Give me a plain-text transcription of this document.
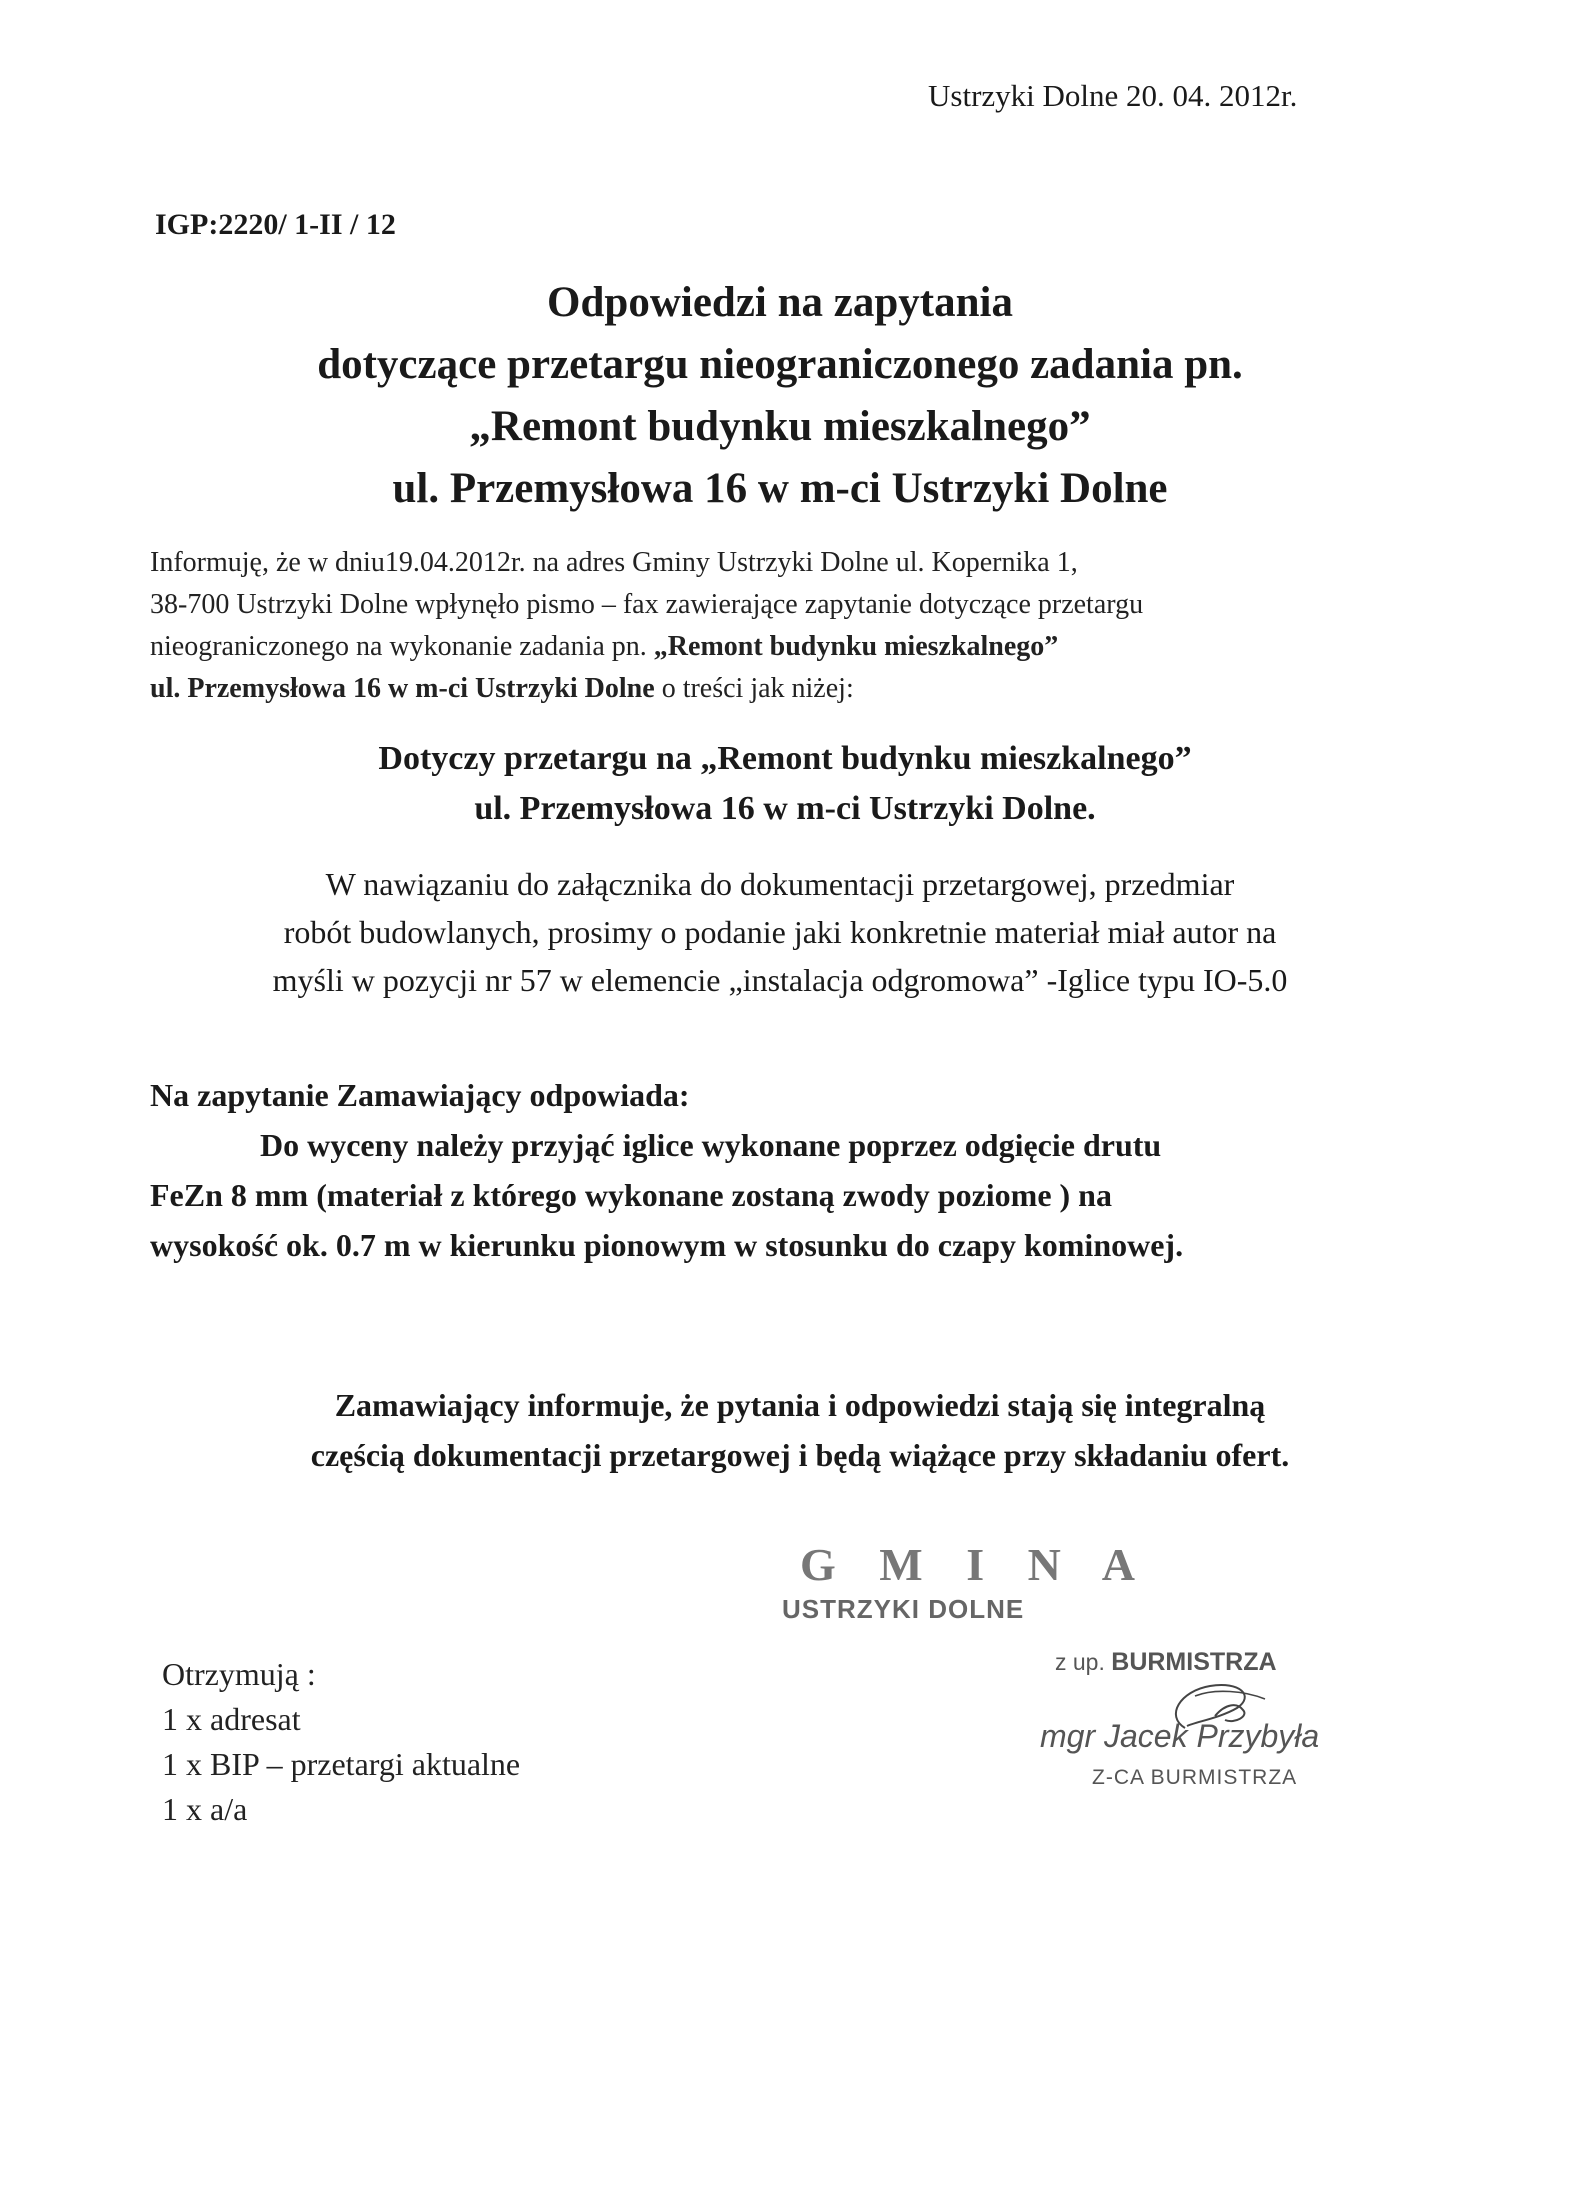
Ustrzyki Dolne 20. 04. 2012r.
IGP:2220/ 1-II / 12
Odpowiedzi na zapytania
dotyczące przetargu nieograniczonego zadania pn.
„Remont budynku mieszkalnego”
ul. Przemysłowa 16 w m-ci Ustrzyki Dolne
Informuję, że w dniu19.04.2012r. na adres Gminy Ustrzyki Dolne ul. Kopernika 1,
38-700 Ustrzyki Dolne wpłynęło pismo – fax zawierające zapytanie dotyczące przetargu
nieograniczonego na wykonanie zadania pn. „Remont budynku mieszkalnego”
ul. Przemysłowa 16 w m-ci Ustrzyki Dolne o treści jak niżej:
Dotyczy przetargu na „Remont budynku mieszkalnego”
ul. Przemysłowa 16 w m-ci Ustrzyki Dolne.
W nawiązaniu do załącznika do dokumentacji przetargowej, przedmiar
robót budowlanych, prosimy o podanie jaki konkretnie materiał miał autor na
myśli w pozycji nr 57 w elemencie „instalacja odgromowa” -Iglice typu IO-5.0
Na zapytanie Zamawiający odpowiada:
Do wyceny należy przyjąć iglice wykonane poprzez odgięcie drutu
FeZn 8 mm (materiał z którego wykonane zostaną zwody poziome ) na
wysokość ok. 0.7 m w kierunku pionowym w stosunku do czapy kominowej.
Zamawiający informuje, że pytania i odpowiedzi stają się integralną
częścią dokumentacji przetargowej i będą wiążące przy składaniu ofert.
G M I N A
USTRZYKI DOLNE
z up. BURMISTRZA
mgr Jacek Przybyła
Z-CA BURMISTRZA
Otrzymują :
1 x adresat
1 x BIP – przetargi aktualne
1 x a/a
